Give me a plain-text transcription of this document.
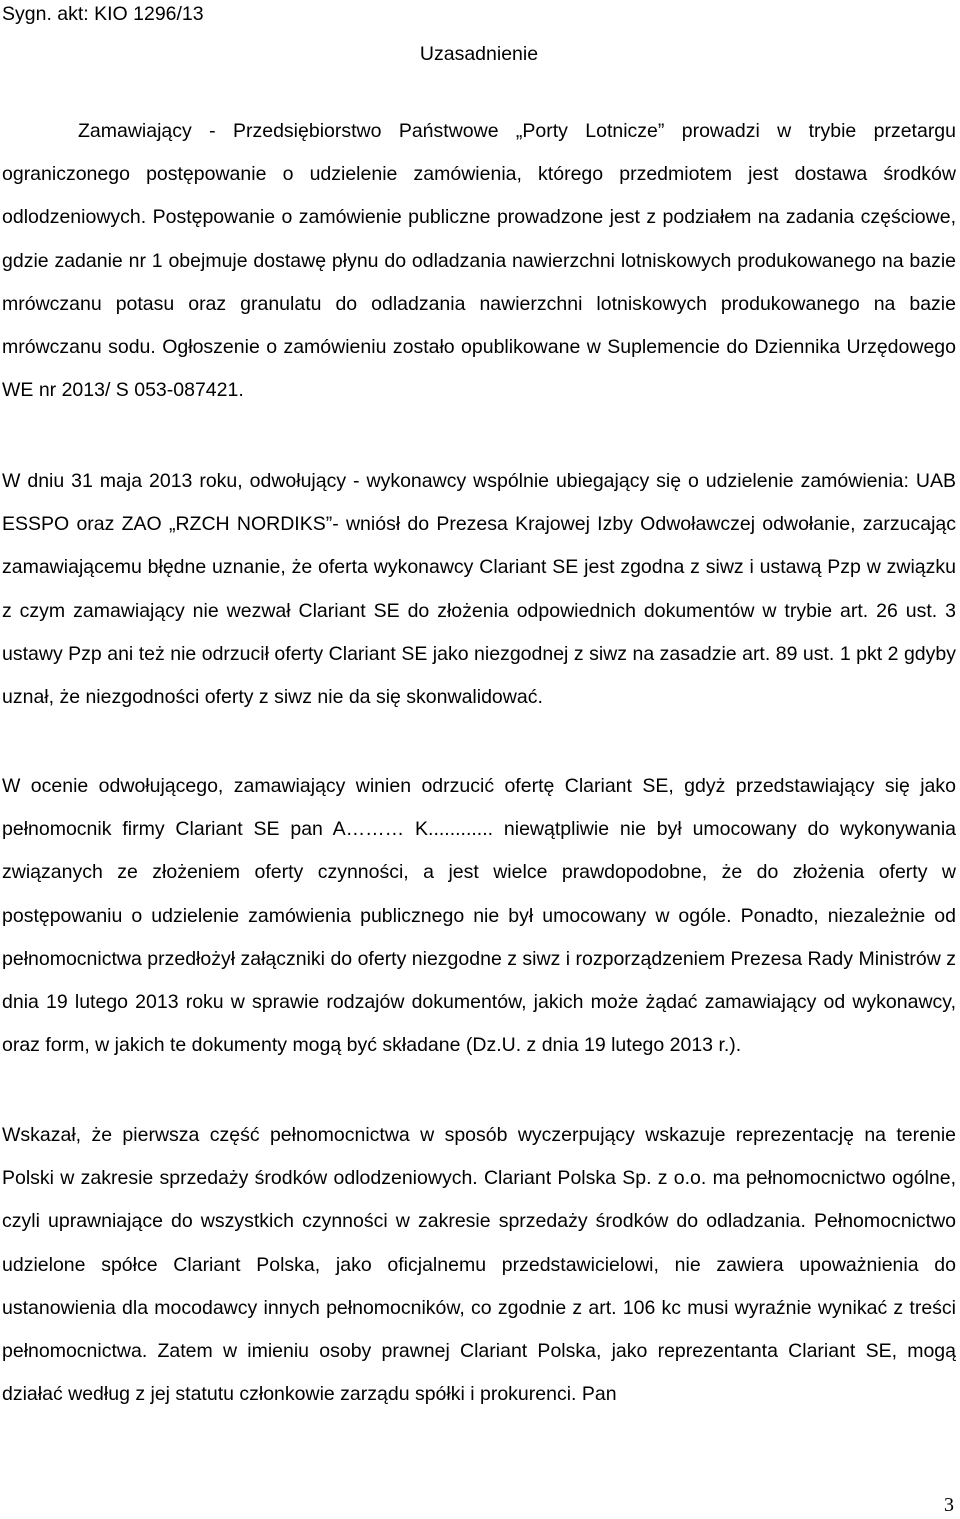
Sygn. akt: KIO 1296/13
Uzasadnienie

Zamawiający - Przedsiębiorstwo Państwowe „Porty Lotnicze” prowadzi w trybie przetargu ograniczonego postępowanie o udzielenie zamówienia, którego przedmiotem jest dostawa środków odlodzeniowych. Postępowanie o zamówienie publiczne prowadzone jest z podziałem na zadania częściowe, gdzie zadanie nr 1 obejmuje dostawę płynu do odladzania nawierzchni lotniskowych produkowanego na bazie mrówczanu potasu oraz granulatu do odladzania nawierzchni lotniskowych produkowanego na bazie mrówczanu sodu. Ogłoszenie o zamówieniu zostało opublikowane w Suplemencie do Dziennika Urzędowego WE nr 2013/ S 053-087421.

W dniu 31 maja 2013 roku, odwołujący - wykonawcy wspólnie ubiegający się o udzielenie zamówienia: UAB ESSPO oraz ZAO „RZCH NORDIKS”- wniósł do Prezesa Krajowej Izby Odwoławczej odwołanie, zarzucając zamawiającemu błędne uznanie, że oferta wykonawcy Clariant SE jest zgodna z siwz i ustawą Pzp w związku z czym zamawiający nie wezwał Clariant SE do złożenia odpowiednich dokumentów w trybie art. 26 ust. 3 ustawy Pzp ani też nie odrzucił oferty Clariant SE jako niezgodnej z siwz na zasadzie art. 89 ust. 1 pkt 2 gdyby uznał, że niezgodności oferty z siwz nie da się skonwalidować.

W ocenie odwołującego, zamawiający winien odrzucić ofertę Clariant SE, gdyż przedstawiający się jako pełnomocnik firmy Clariant SE pan A……… K............ niewątpliwie nie był umocowany do wykonywania związanych ze złożeniem oferty czynności, a jest wielce prawdopodobne, że do złożenia oferty w postępowaniu o udzielenie zamówienia publicznego nie był umocowany w ogóle. Ponadto, niezależnie od pełnomocnictwa przedłożył załączniki do oferty niezgodne z siwz i rozporządzeniem Prezesa Rady Ministrów z dnia 19 lutego 2013 roku w sprawie rodzajów dokumentów, jakich może żądać zamawiający od wykonawcy, oraz form, w jakich te dokumenty mogą być składane (Dz.U. z dnia 19 lutego 2013 r.).

Wskazał, że pierwsza część pełnomocnictwa w sposób wyczerpujący wskazuje reprezentację na terenie Polski w zakresie sprzedaży środków odlodzeniowych. Clariant Polska Sp. z o.o. ma pełnomocnictwo ogólne, czyli uprawniające do wszystkich czynności w zakresie sprzedaży środków do odladzania. Pełnomocnictwo udzielone spółce Clariant Polska, jako oficjalnemu przedstawicielowi, nie zawiera upoważnienia do ustanowienia dla mocodawcy innych pełnomocników, co zgodnie z art. 106 kc musi wyraźnie wynikać z treści pełnomocnictwa. Zatem w imieniu osoby prawnej Clariant Polska, jako reprezentanta Clariant SE, mogą działać według z jej statutu członkowie zarządu spółki i prokurenci. Pan

3
